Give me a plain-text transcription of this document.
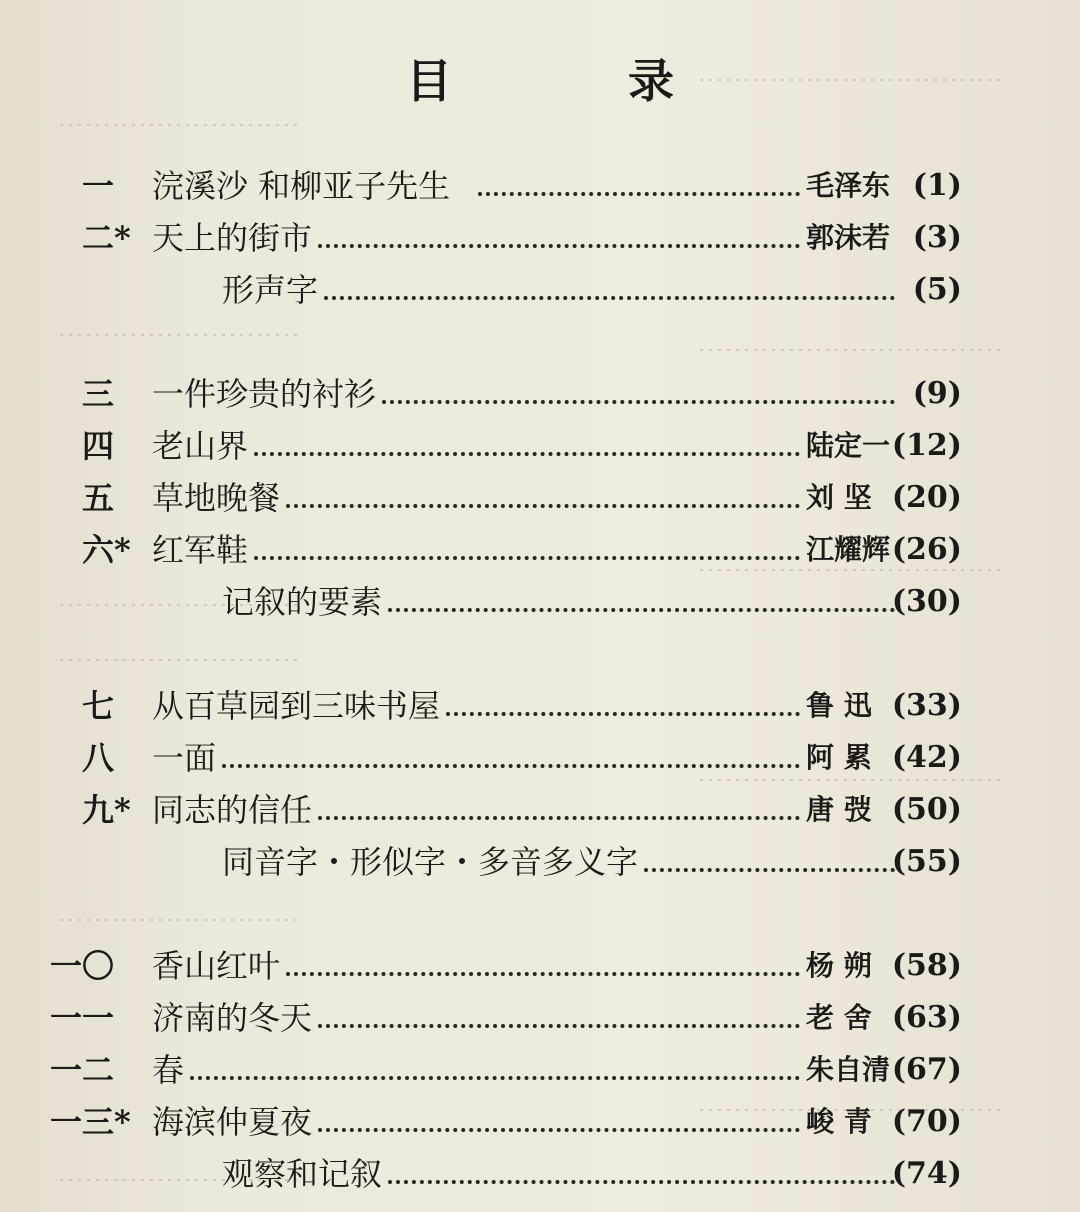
目 录
一 浣溪沙 和柳亚子先生	毛泽东 (1)
二* 天上的街市	郭沫若 (3)
形声字	(5)
三 一件珍贵的衬衫	(9)
四 老山界	陆定一 (12)
五 草地晚餐	刘 坚 (20)
六* 红军鞋	江耀辉 (26)
记叙的要素	(30)
七 从百草园到三味书屋	鲁 迅 (33)
八 一面	阿 累 (42)
九* 同志的信任	唐 弢 (50)
同音字・形似字・多音多义字	(55)
一〇 香山红叶	杨 朔 (58)
一一 济南的冬天	老 舍 (63)
一二 春	朱自清 (67)
一三* 海滨仲夏夜	峻 青 (70)
观察和记叙	(74)
